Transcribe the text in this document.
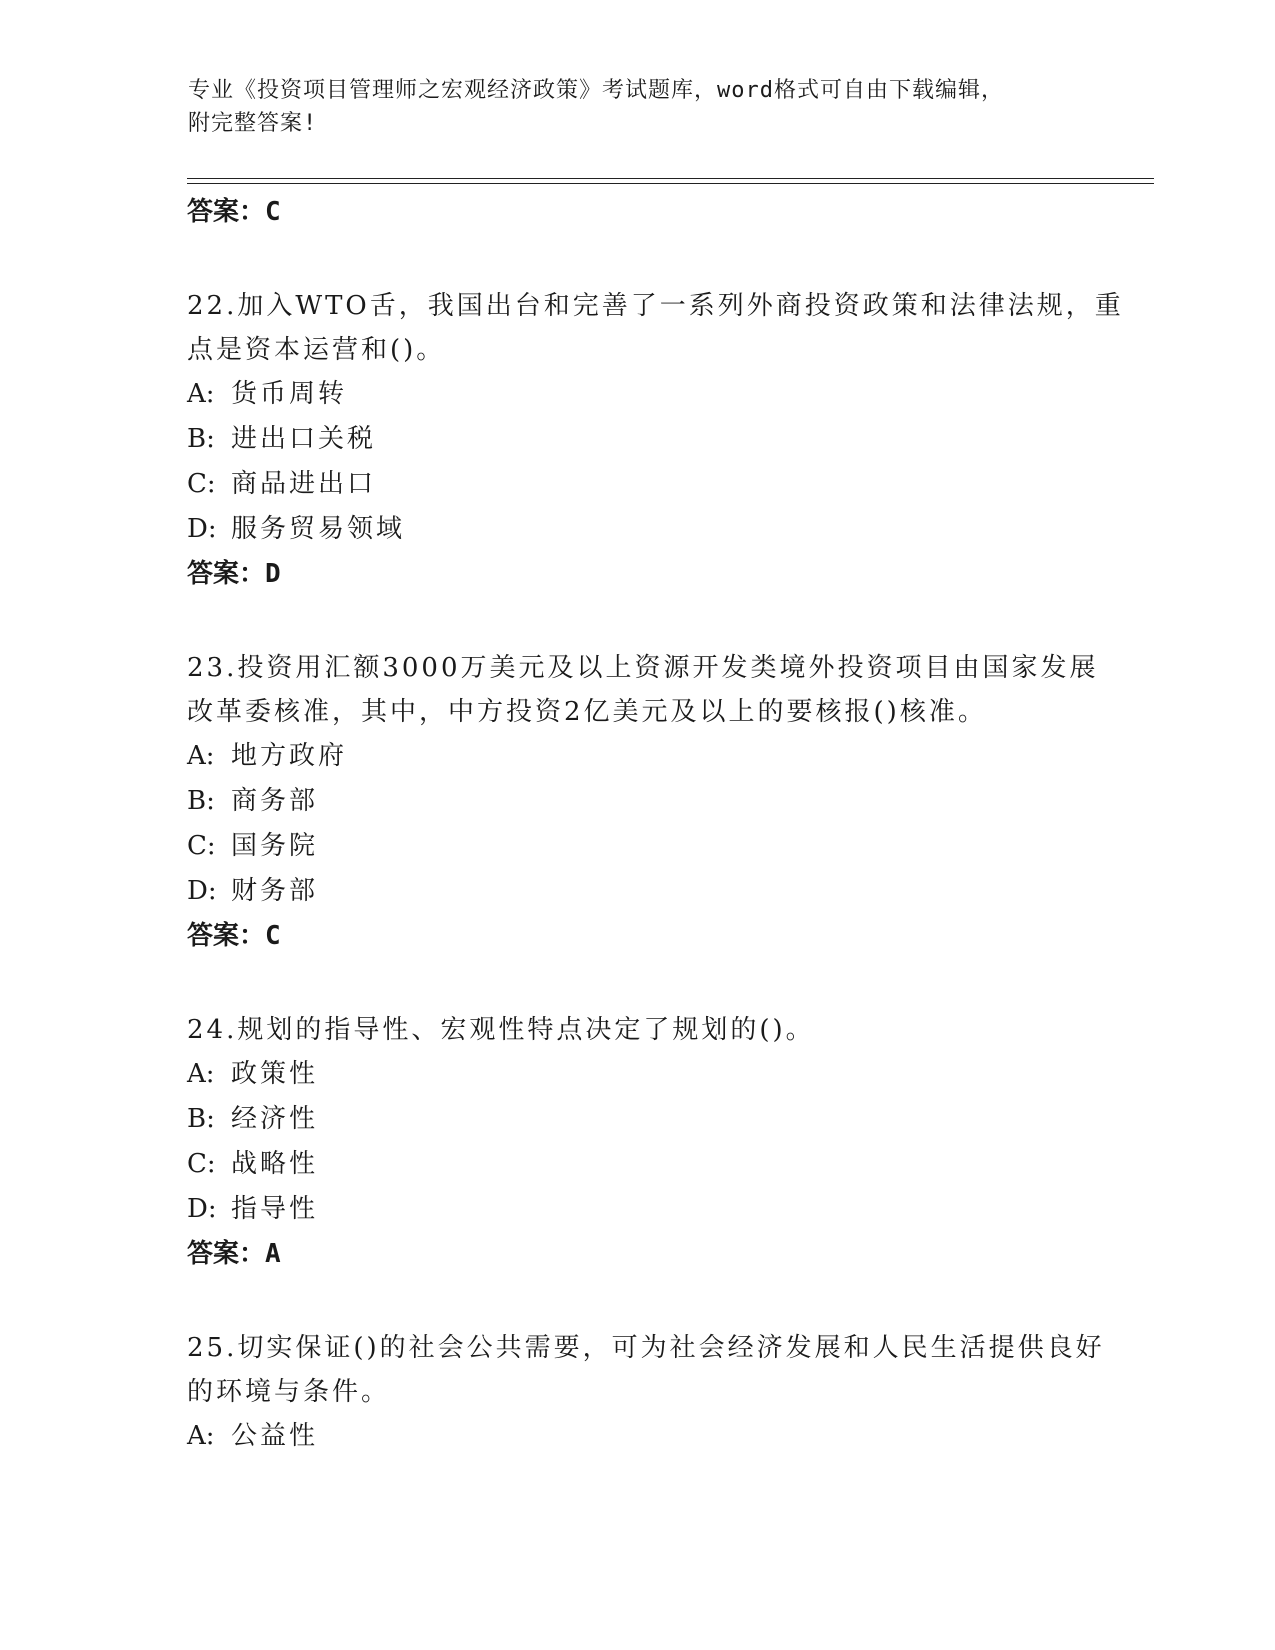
专业《投资项目管理师之宏观经济政策》考试题库，word格式可自由下载编辑，
附完整答案!

答案：C

22.加入WTO舌，我国出台和完善了一系列外商投资政策和法律法规，重点是资本运营和()。

A: 货币周转

B: 进出口关税

C: 商品进出口

D: 服务贸易领域

答案：D

23.投资用汇额3000万美元及以上资源开发类境外投资项目由国家发展改革委核准，其中，中方投资2亿美元及以上的要核报()核准。

A: 地方政府

B: 商务部

C: 国务院

D: 财务部

答案：C

24.规划的指导性、宏观性特点决定了规划的()。

A: 政策性

B: 经济性

C: 战略性

D: 指导性

答案：A

25.切实保证()的社会公共需要，可为社会经济发展和人民生活提供良好的环境与条件。

A: 公益性
